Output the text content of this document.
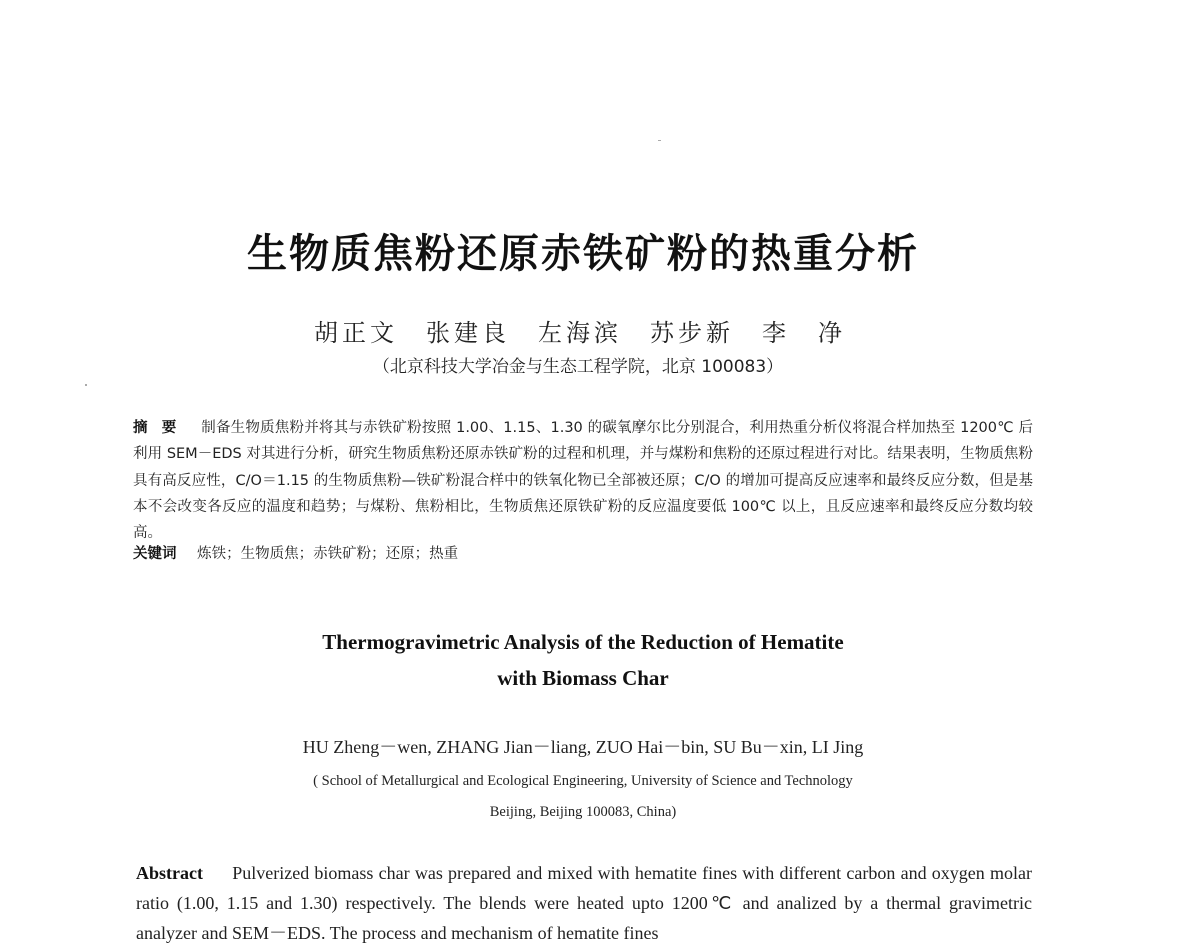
生物质焦粉还原赤铁矿粉的热重分析
胡正文　张建良　左海滨　苏步新　李　净
（北京科技大学冶金与生态工程学院，北京 100083）
摘要 制备生物质焦粉并将其与赤铁矿粉按照 1.00、1.15、1.30 的碳氧摩尔比分别混合，利用热重分析仪将混合样加热至 1200℃ 后利用 SEM－EDS 对其进行分析，研究生物质焦粉还原赤铁矿粉的过程和机理，并与煤粉和焦粉的还原过程进行对比。结果表明，生物质焦粉具有高反应性，C/O＝1.15 的生物质焦粉—铁矿粉混合样中的铁氧化物已全部被还原；C/O 的增加可提高反应速率和最终反应分数，但是基本不会改变各反应的温度和趋势；与煤粉、焦粉相比，生物质焦还原铁矿粉的反应温度要低 100℃ 以上，且反应速率和最终反应分数均较高。
关键词 炼铁；生物质焦；赤铁矿粉；还原；热重
Thermogravimetric Analysis of the Reduction of Hematite
with Biomass Char
HU Zheng－wen, ZHANG Jian－liang, ZUO Hai－bin, SU Bu－xin, LI Jing
( School of Metallurgical and Ecological Engineering, University of Science and Technology
Beijing, Beijing 100083, China)
Abstract Pulverized biomass char was prepared and mixed with hematite fines with different carbon and oxygen molar ratio (1.00, 1.15 and 1.30) respectively. The blends were heated upto 1200℃ and analized by a thermal gravimetric analyzer and SEM－EDS. The process and mechanism of hematite fines
